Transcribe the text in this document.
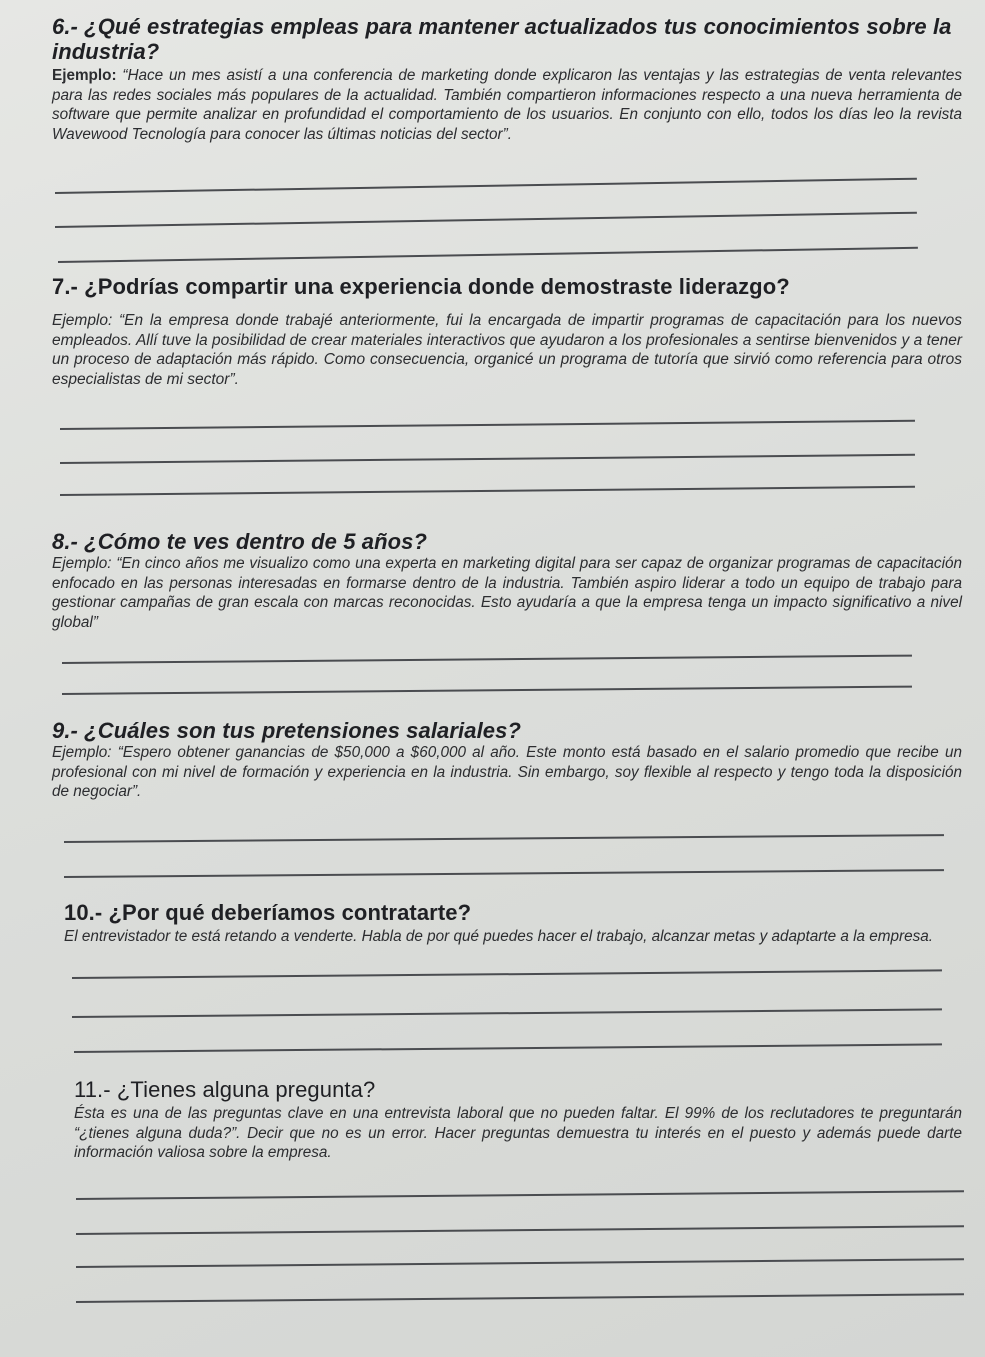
6.- ¿Qué estrategias empleas para mantener actualizados tus conocimientos sobre la industria?

Ejemplo: “Hace un mes asistí a una conferencia de marketing donde explicaron las ventajas y las estrategias de venta relevantes para las redes sociales más populares de la actualidad. También compartieron informaciones respecto a una nueva herramienta de software que permite analizar en profundidad el comportamiento de los usuarios. En conjunto con ello, todos los días leo la revista Wavewood Tecnología para conocer las últimas noticias del sector”.

7.- ¿Podrías compartir una experiencia donde demostraste liderazgo?

Ejemplo: “En la empresa donde trabajé anteriormente, fui la encargada de impartir programas de capacitación para los nuevos empleados. Allí tuve la posibilidad de crear materiales interactivos que ayudaron a los profesionales a sentirse bienvenidos y a tener un proceso de adaptación más rápido. Como consecuencia, organicé un programa de tutoría que sirvió como referencia para otros especialistas de mi sector”.

8.- ¿Cómo te ves dentro de 5 años?

Ejemplo: “En cinco años me visualizo como una experta en marketing digital para ser capaz de organizar programas de capacitación enfocado en las personas interesadas en formarse dentro de la industria. También aspiro liderar a todo un equipo de trabajo para gestionar campañas de gran escala con marcas reconocidas. Esto ayudaría a que la empresa tenga un impacto significativo a nivel global”

9.- ¿Cuáles son tus pretensiones salariales?

Ejemplo: “Espero obtener ganancias de $50,000 a $60,000 al año. Este monto está basado en el salario promedio que recibe un profesional con mi nivel de formación y experiencia en la industria. Sin embargo, soy flexible al respecto y tengo toda la disposición de negociar”.

10.- ¿Por qué deberíamos contratarte?

El entrevistador te está retando a venderte. Habla de por qué puedes hacer el trabajo, alcanzar metas y adaptarte a la empresa.

11.- ¿Tienes alguna pregunta?

Ésta es una de las preguntas clave en una entrevista laboral que no pueden faltar. El 99% de los reclutadores te preguntarán “¿tienes alguna duda?”. Decir que no es un error. Hacer preguntas demuestra tu interés en el puesto y además puede darte información valiosa sobre la empresa.
